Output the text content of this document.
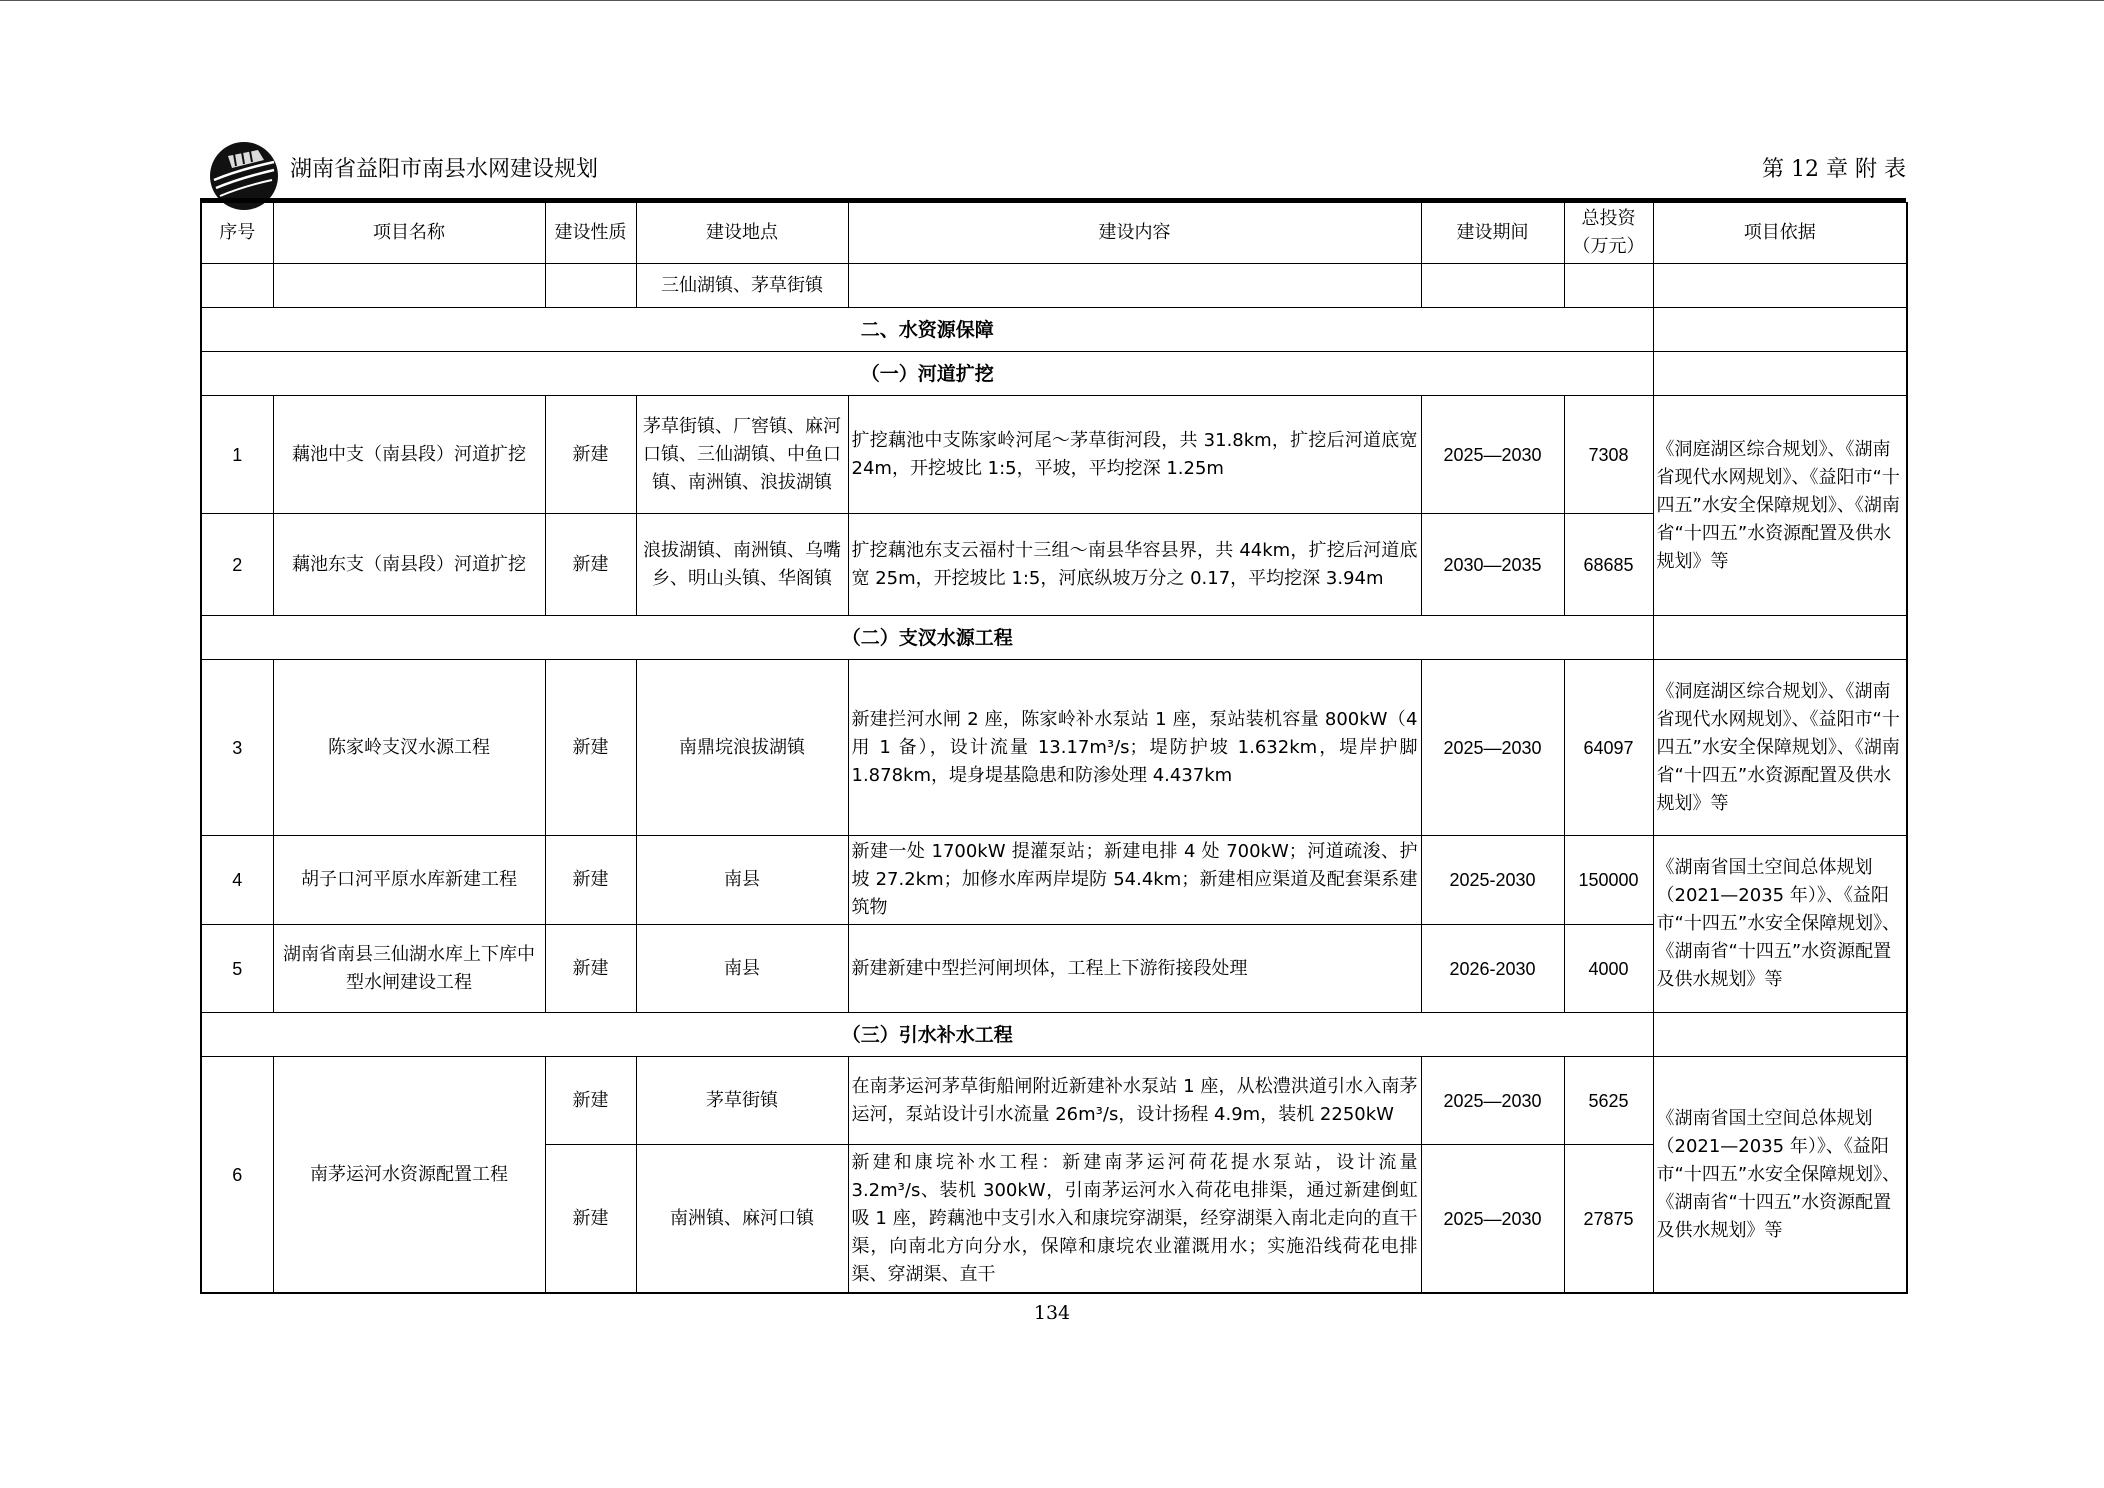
湖南省益阳市南县水网建设规划	第 12 章 附 表
序号	项目名称	建设性质	建设地点	建设内容	建设期间	总投资（万元）	项目依据
			三仙湖镇、茅草街镇				
二、水资源保障							
（一）河道扩挖							
1	藕池中支（南县段）河道扩挖	新建	茅草街镇、厂窖镇、麻河口镇、三仙湖镇、中鱼口镇、南洲镇、浪拔湖镇	扩挖藕池中支陈家岭河尾～茅草街河段，共 31.8km，扩挖后河道底宽 24m，开挖坡比 1:5，平坡，平均挖深 1.25m	2025—2030	7308	《洞庭湖区综合规划》、《湖南省现代水网规划》、《益阳市“十四五”水安全保障规划》、《湖南省“十四五”水资源配置及供水规划》等
2	藕池东支（南县段）河道扩挖	新建	浪拔湖镇、南洲镇、乌嘴乡、明山头镇、华阁镇	扩挖藕池东支云福村十三组～南县华容县界，共 44km，扩挖后河道底宽 25m，开挖坡比 1:5，河底纵坡万分之 0.17，平均挖深 3.94m	2030—2035	68685	
（二）支汊水源工程							
3	陈家岭支汊水源工程	新建	南鼎垸浪拔湖镇	新建拦河水闸 2 座，陈家岭补水泵站 1 座，泵站装机容量 800kW（4 用 1 备），设计流量 13.17m³/s；堤防护坡 1.632km，堤岸护脚 1.878km，堤身堤基隐患和防渗处理 4.437km	2025—2030	64097	《洞庭湖区综合规划》、《湖南省现代水网规划》、《益阳市“十四五”水安全保障规划》、《湖南省“十四五”水资源配置及供水规划》等
4	胡子口河平原水库新建工程	新建	南县	新建一处 1700kW 提灌泵站；新建电排 4 处 700kW；河道疏浚、护坡 27.2km；加修水库两岸堤防 54.4km；新建相应渠道及配套渠系建筑物	2025-2030	150000	《湖南省国土空间总体规划（2021—2035 年）》、《益阳市“十四五”水安全保障规划》、《湖南省“十四五”水资源配置及供水规划》等
5	湖南省南县三仙湖水库上下库中型水闸建设工程	新建	南县	新建新建中型拦河闸坝体，工程上下游衔接段处理	2026-2030	4000	
（三）引水补水工程							
6	南茅运河水资源配置工程	新建	茅草街镇	在南茅运河茅草街船闸附近新建补水泵站 1 座，从松澧洪道引水入南茅运河，泵站设计引水流量 26m³/s，设计扬程 4.9m，装机 2250kW	2025—2030	5625	《湖南省国土空间总体规划（2021—2035 年）》、《益阳市“十四五”水安全保障规划》、《湖南省“十四五”水资源配置及供水规划》等
		新建	南洲镇、麻河口镇	新建和康垸补水工程：新建南茅运河荷花提水泵站，设计流量 3.2m³/s、装机 300kW，引南茅运河水入荷花电排渠，通过新建倒虹吸 1 座，跨藕池中支引水入和康垸穿湖渠，经穿湖渠入南北走向的直干渠，向南北方向分水，保障和康垸农业灌溉用水；实施沿线荷花电排渠、穿湖渠、直干	2025—2030	27875	
134
